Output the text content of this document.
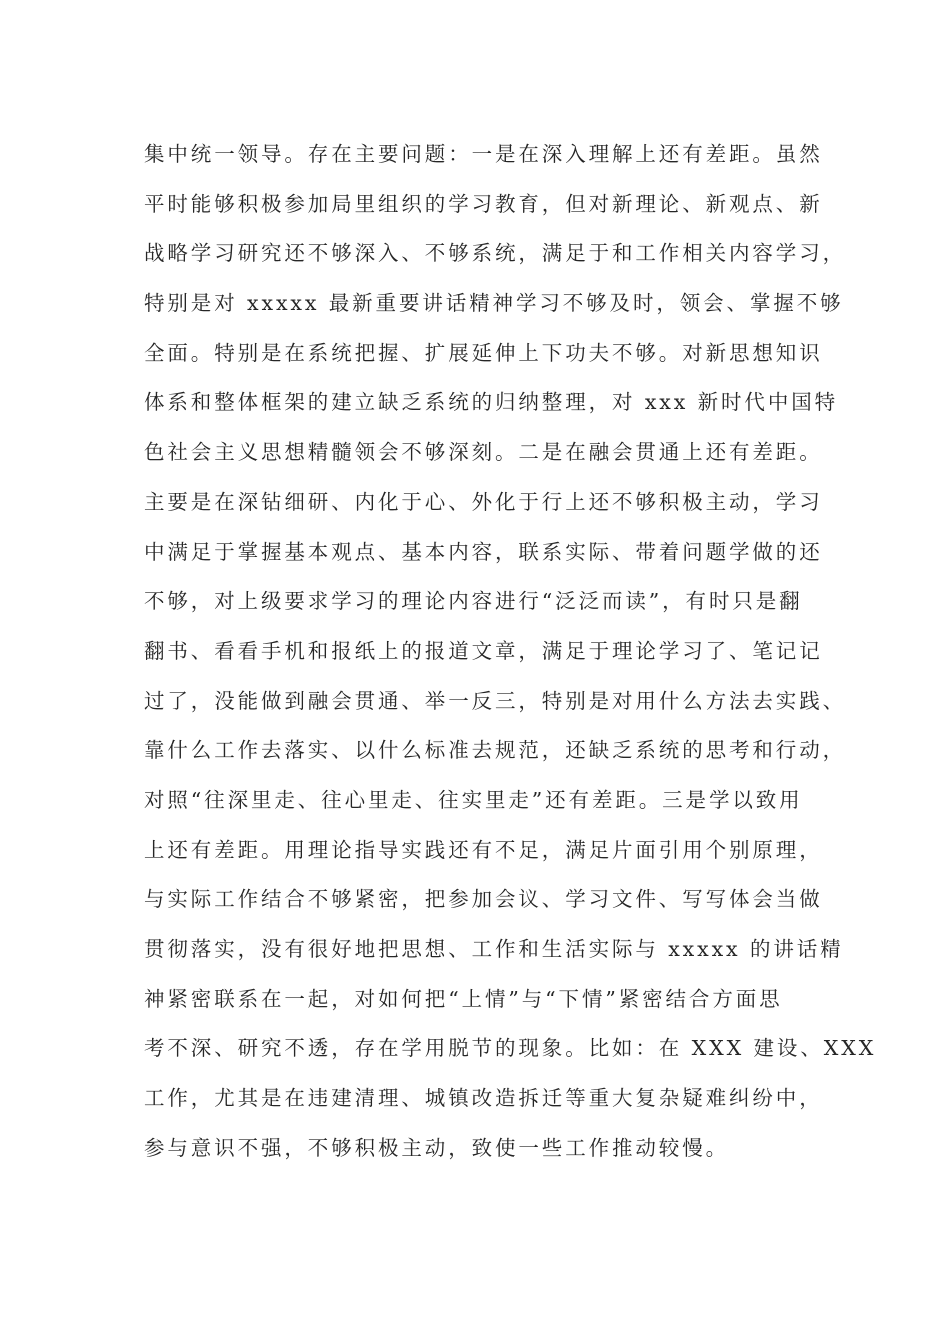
集中统一领导。存在主要问题：一是在深入理解上还有差距。虽然
平时能够积极参加局里组织的学习教育，但对新理论、新观点、新
战略学习研究还不够深入、不够系统，满足于和工作相关内容学习，
特别是对 xxxxx 最新重要讲话精神学习不够及时，领会、掌握不够
全面。特别是在系统把握、扩展延伸上下功夫不够。对新思想知识
体系和整体框架的建立缺乏系统的归纳整理，对 xxx 新时代中国特
色社会主义思想精髓领会不够深刻。二是在融会贯通上还有差距。
主要是在深钻细研、内化于心、外化于行上还不够积极主动，学习
中满足于掌握基本观点、基本内容，联系实际、带着问题学做的还
不够，对上级要求学习的理论内容进行“泛泛而读”，有时只是翻
翻书、看看手机和报纸上的报道文章，满足于理论学习了、笔记记
过了，没能做到融会贯通、举一反三，特别是对用什么方法去实践、
靠什么工作去落实、以什么标准去规范，还缺乏系统的思考和行动，
对照“往深里走、往心里走、往实里走”还有差距。三是学以致用
上还有差距。用理论指导实践还有不足，满足片面引用个别原理，
与实际工作结合不够紧密，把参加会议、学习文件、写写体会当做
贯彻落实，没有很好地把思想、工作和生活实际与 xxxxx 的讲话精
神紧密联系在一起，对如何把“上情”与“下情”紧密结合方面思
考不深、研究不透，存在学用脱节的现象。比如：在 XXX 建设、XXX
工作，尤其是在违建清理、城镇改造拆迁等重大复杂疑难纠纷中，
参与意识不强，不够积极主动，致使一些工作推动较慢。
